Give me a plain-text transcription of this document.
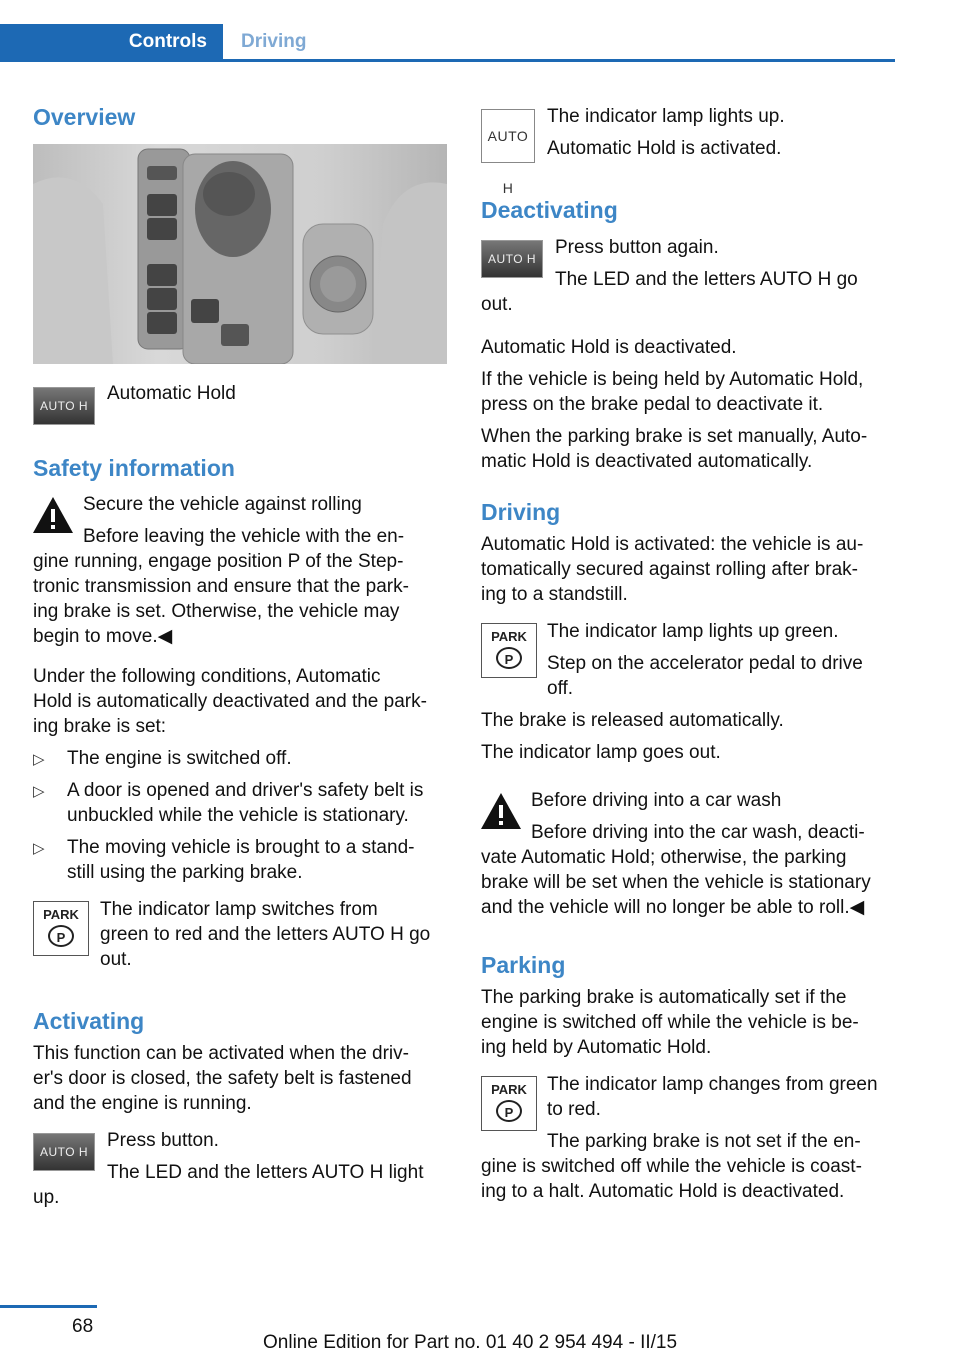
Controls	Driving
Overview
AUTO H
Automatic Hold
Safety information
Secure the vehicle against rolling
Before leaving the vehicle with the en‐
gine running, engage position P of the Step‐
tronic transmission and ensure that the park‐
ing brake is set. Otherwise, the vehicle may
begin to move.◀
Under the following conditions, Automatic
Hold is automatically deactivated and the park‐
ing brake is set:
▷ The engine is switched off.
▷ A door is opened and driver's safety belt is
unbuckled while the vehicle is stationary.
▷ The moving vehicle is brought to a stand‐
still using the parking brake.
PARK
P
The indicator lamp switches from
green to red and the letters AUTO H go
out.
Activating
This function can be activated when the driv‐
er's door is closed, the safety belt is fastened
and the engine is running.
AUTO H
Press button.
The LED and the letters AUTO H light
up.
AUTO H
The indicator lamp lights up.
Automatic Hold is activated.
Deactivating
AUTO H
Press button again.
The LED and the letters AUTO H go
out.
Automatic Hold is deactivated.
If the vehicle is being held by Automatic Hold,
press on the brake pedal to deactivate it.
When the parking brake is set manually, Auto‐
matic Hold is deactivated automatically.
Driving
Automatic Hold is activated: the vehicle is au‐
tomatically secured against rolling after brak‐
ing to a standstill.
PARK
P
The indicator lamp lights up green.
Step on the accelerator pedal to drive
off.
The brake is released automatically.
The indicator lamp goes out.
Before driving into a car wash
Before driving into the car wash, deacti‐
vate Automatic Hold; otherwise, the parking
brake will be set when the vehicle is stationary
and the vehicle will no longer be able to roll.◀
Parking
The parking brake is automatically set if the
engine is switched off while the vehicle is be‐
ing held by Automatic Hold.
PARK
P
The indicator lamp changes from green
to red.
The parking brake is not set if the en‐
gine is switched off while the vehicle is coast‐
ing to a halt. Automatic Hold is deactivated.
68
Online Edition for Part no. 01 40 2 954 494 - II/15
